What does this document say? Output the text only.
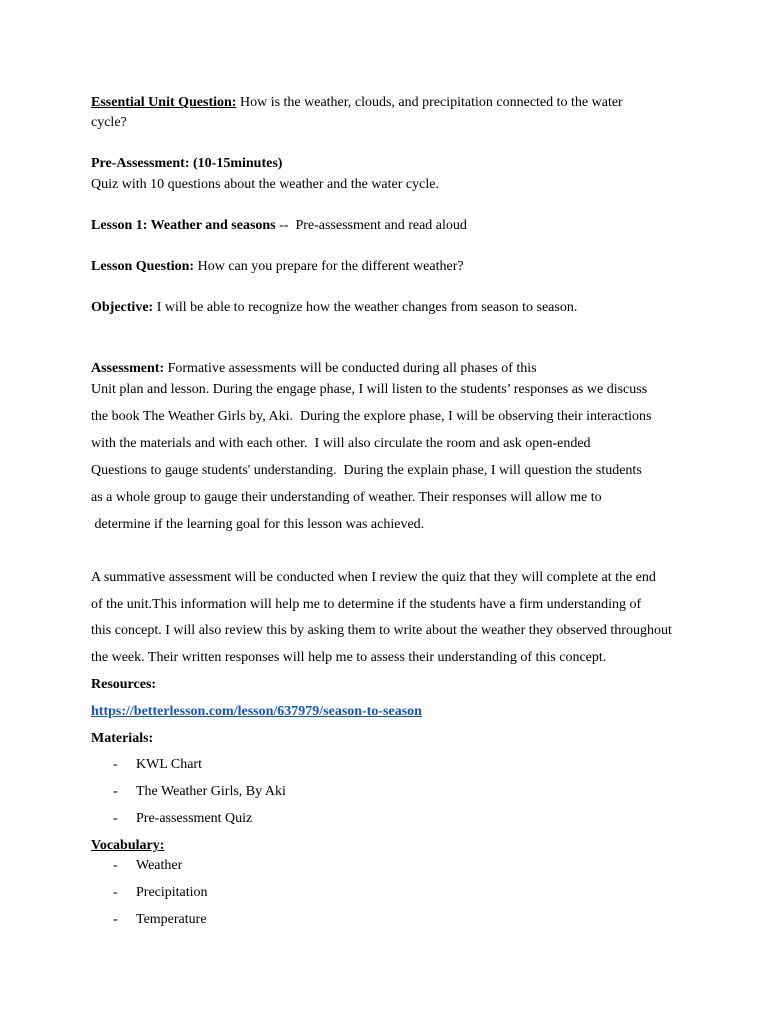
Essential Unit Question: How is the weather, clouds, and precipitation connected to the water
cycle?
Pre-Assessment: (10-15minutes)
Quiz with 10 questions about the weather and the water cycle.
Lesson 1: Weather and seasons --  Pre-assessment and read aloud
Lesson Question: How can you prepare for the different weather?
Objective: I will be able to recognize how the weather changes from season to season.
Assessment: Formative assessments will be conducted during all phases of this
Unit plan and lesson. During the engage phase, I will listen to the students’ responses as we discuss
the book The Weather Girls by, Aki.  During the explore phase, I will be observing their interactions
with the materials and with each other.  I will also circulate the room and ask open-ended
Questions to gauge students' understanding.  During the explain phase, I will question the students
as a whole group to gauge their understanding of weather. Their responses will allow me to
determine if the learning goal for this lesson was achieved.
A summative assessment will be conducted when I review the quiz that they will complete at the end
of the unit.This information will help me to determine if the students have a firm understanding of
this concept. I will also review this by asking them to write about the weather they observed throughout
the week. Their written responses will help me to assess their understanding of this concept.
Resources:
https://betterlesson.com/lesson/637979/season-to-season
Materials:
- KWL Chart
- The Weather Girls, By Aki
- Pre-assessment Quiz
Vocabulary:
- Weather
- Precipitation
- Temperature
